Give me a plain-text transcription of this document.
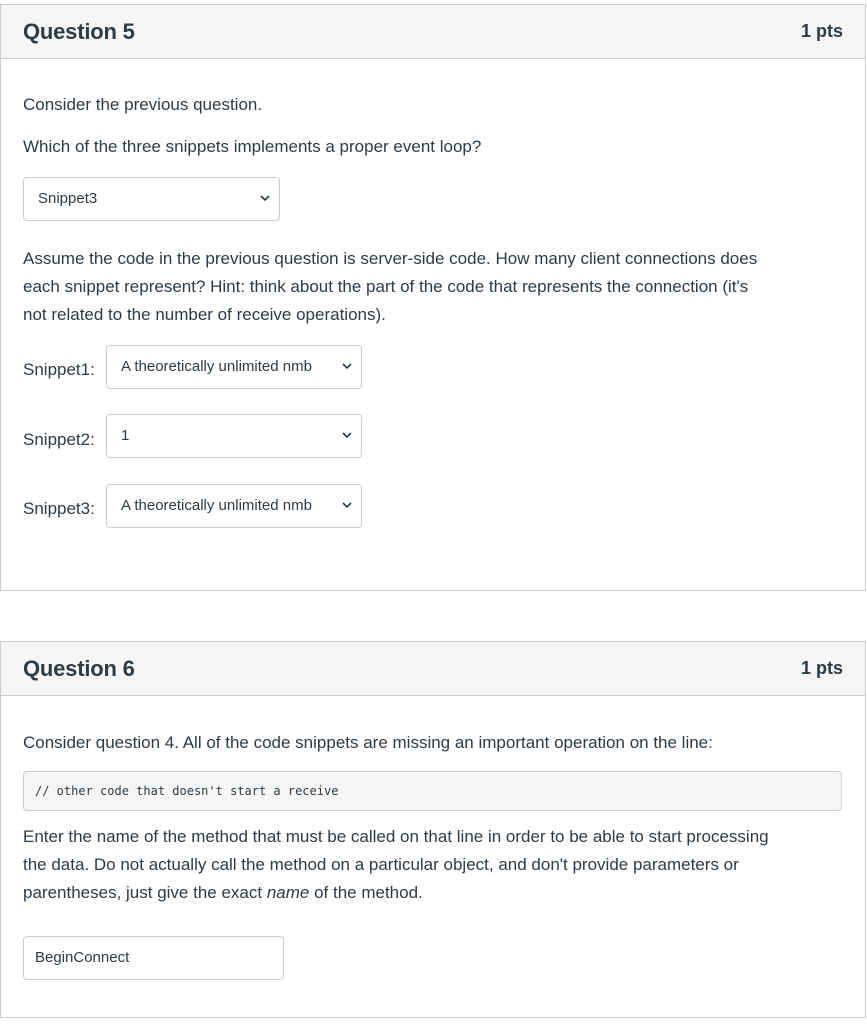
Question 5	1 pts
Consider the previous question.
Which of the three snippets implements a proper event loop?
Snippet3
Assume the code in the previous question is server-side code. How many client connections does
each snippet represent? Hint: think about the part of the code that represents the connection (it's
not related to the number of receive operations).
Snippet1: A theoretically unlimited nmb
Snippet2: 1
Snippet3: A theoretically unlimited nmb
Question 6	1 pts
Consider question 4. All of the code snippets are missing an important operation on the line:
// other code that doesn't start a receive
Enter the name of the method that must be called on that line in order to be able to start processing
the data. Do not actually call the method on a particular object, and don't provide parameters or
parentheses, just give the exact name of the method.
BeginConnect
